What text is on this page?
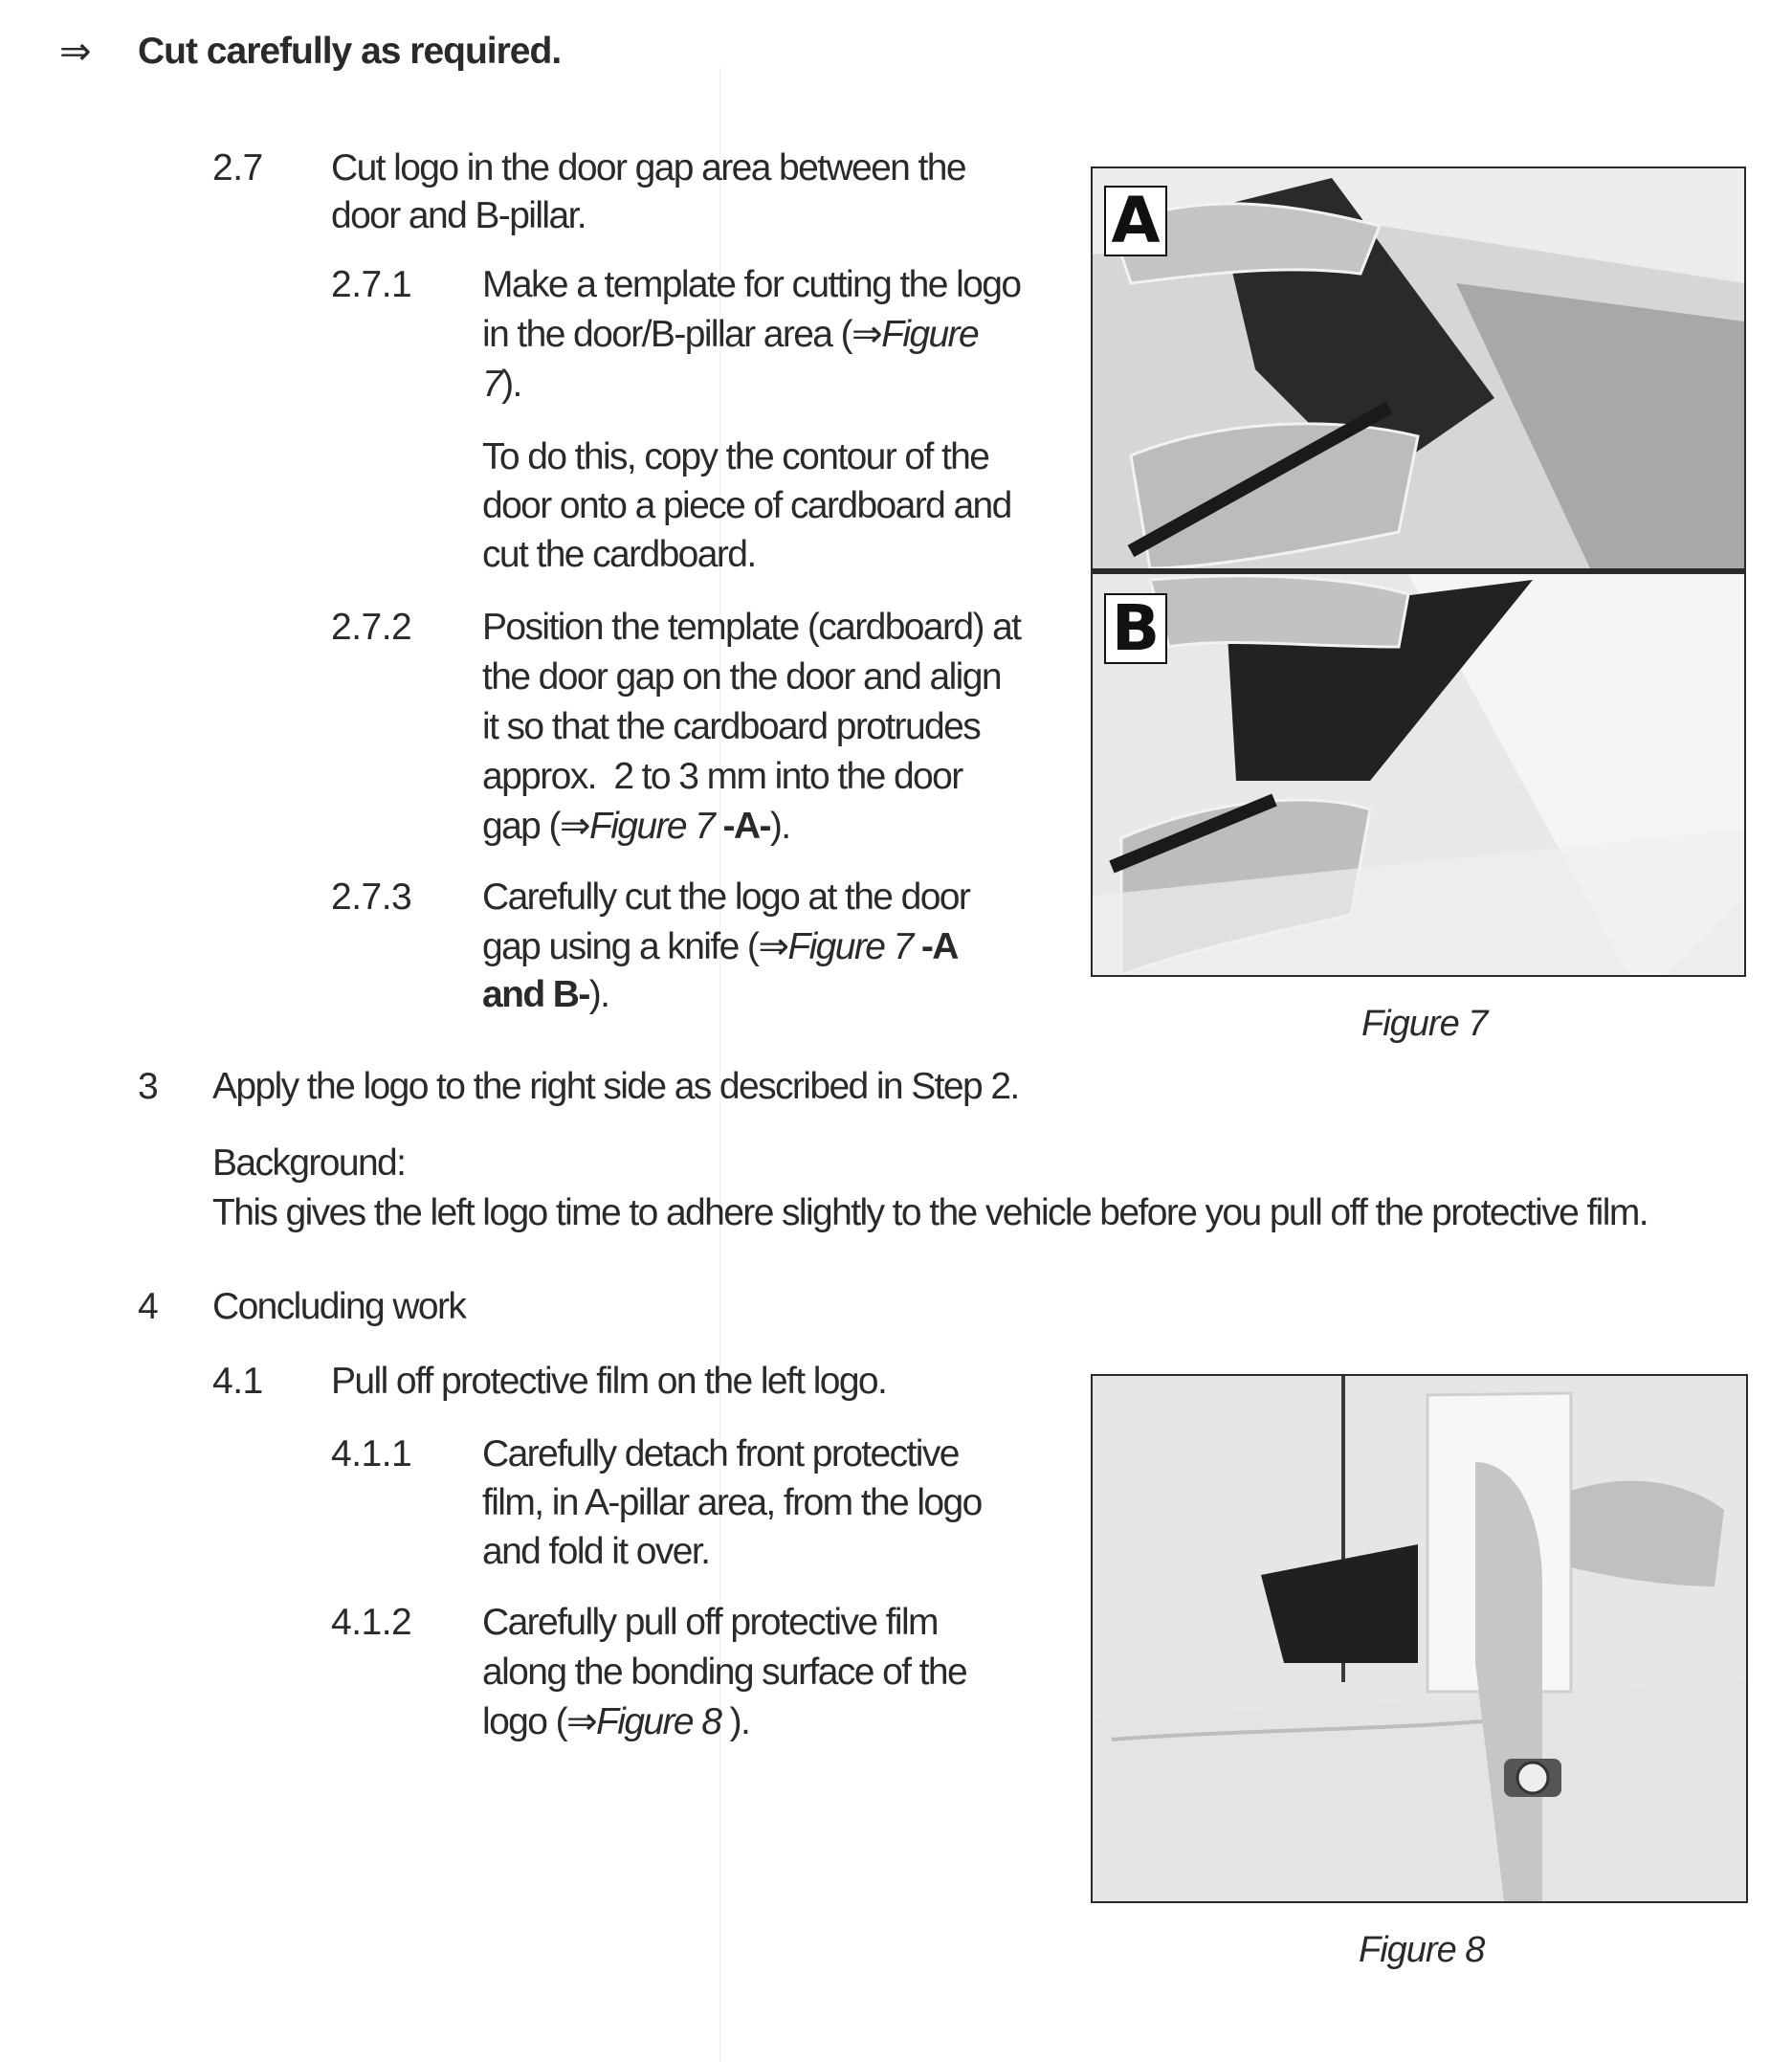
⇒ Cut carefully as required.
2.7 Cut logo in the door gap area between the
door and B-pillar.
2.7.1 Make a template for cutting the logo
in the door/B-pillar area (⇒Figure
7).
To do this, copy the contour of the
door onto a piece of cardboard and
cut the cardboard.
2.7.2 Position the template (cardboard) at
the door gap on the door and align
it so that the cardboard protrudes
approx.  2 to 3 mm into the door
gap (⇒Figure 7 -A-).
2.7.3 Carefully cut the logo at the door
gap using a knife (⇒Figure 7 -A
and B-).
A
B
Figure 7
3 Apply the logo to the right side as described in Step 2.
Background:
This gives the left logo time to adhere slightly to the vehicle before you pull off the protective film.
4 Concluding work
4.1 Pull off protective film on the left logo.
4.1.1 Carefully detach front protective
film, in A-pillar area, from the logo
and fold it over.
4.1.2 Carefully pull off protective film
along the bonding surface of the
logo (⇒Figure 8 ).
Figure 8
